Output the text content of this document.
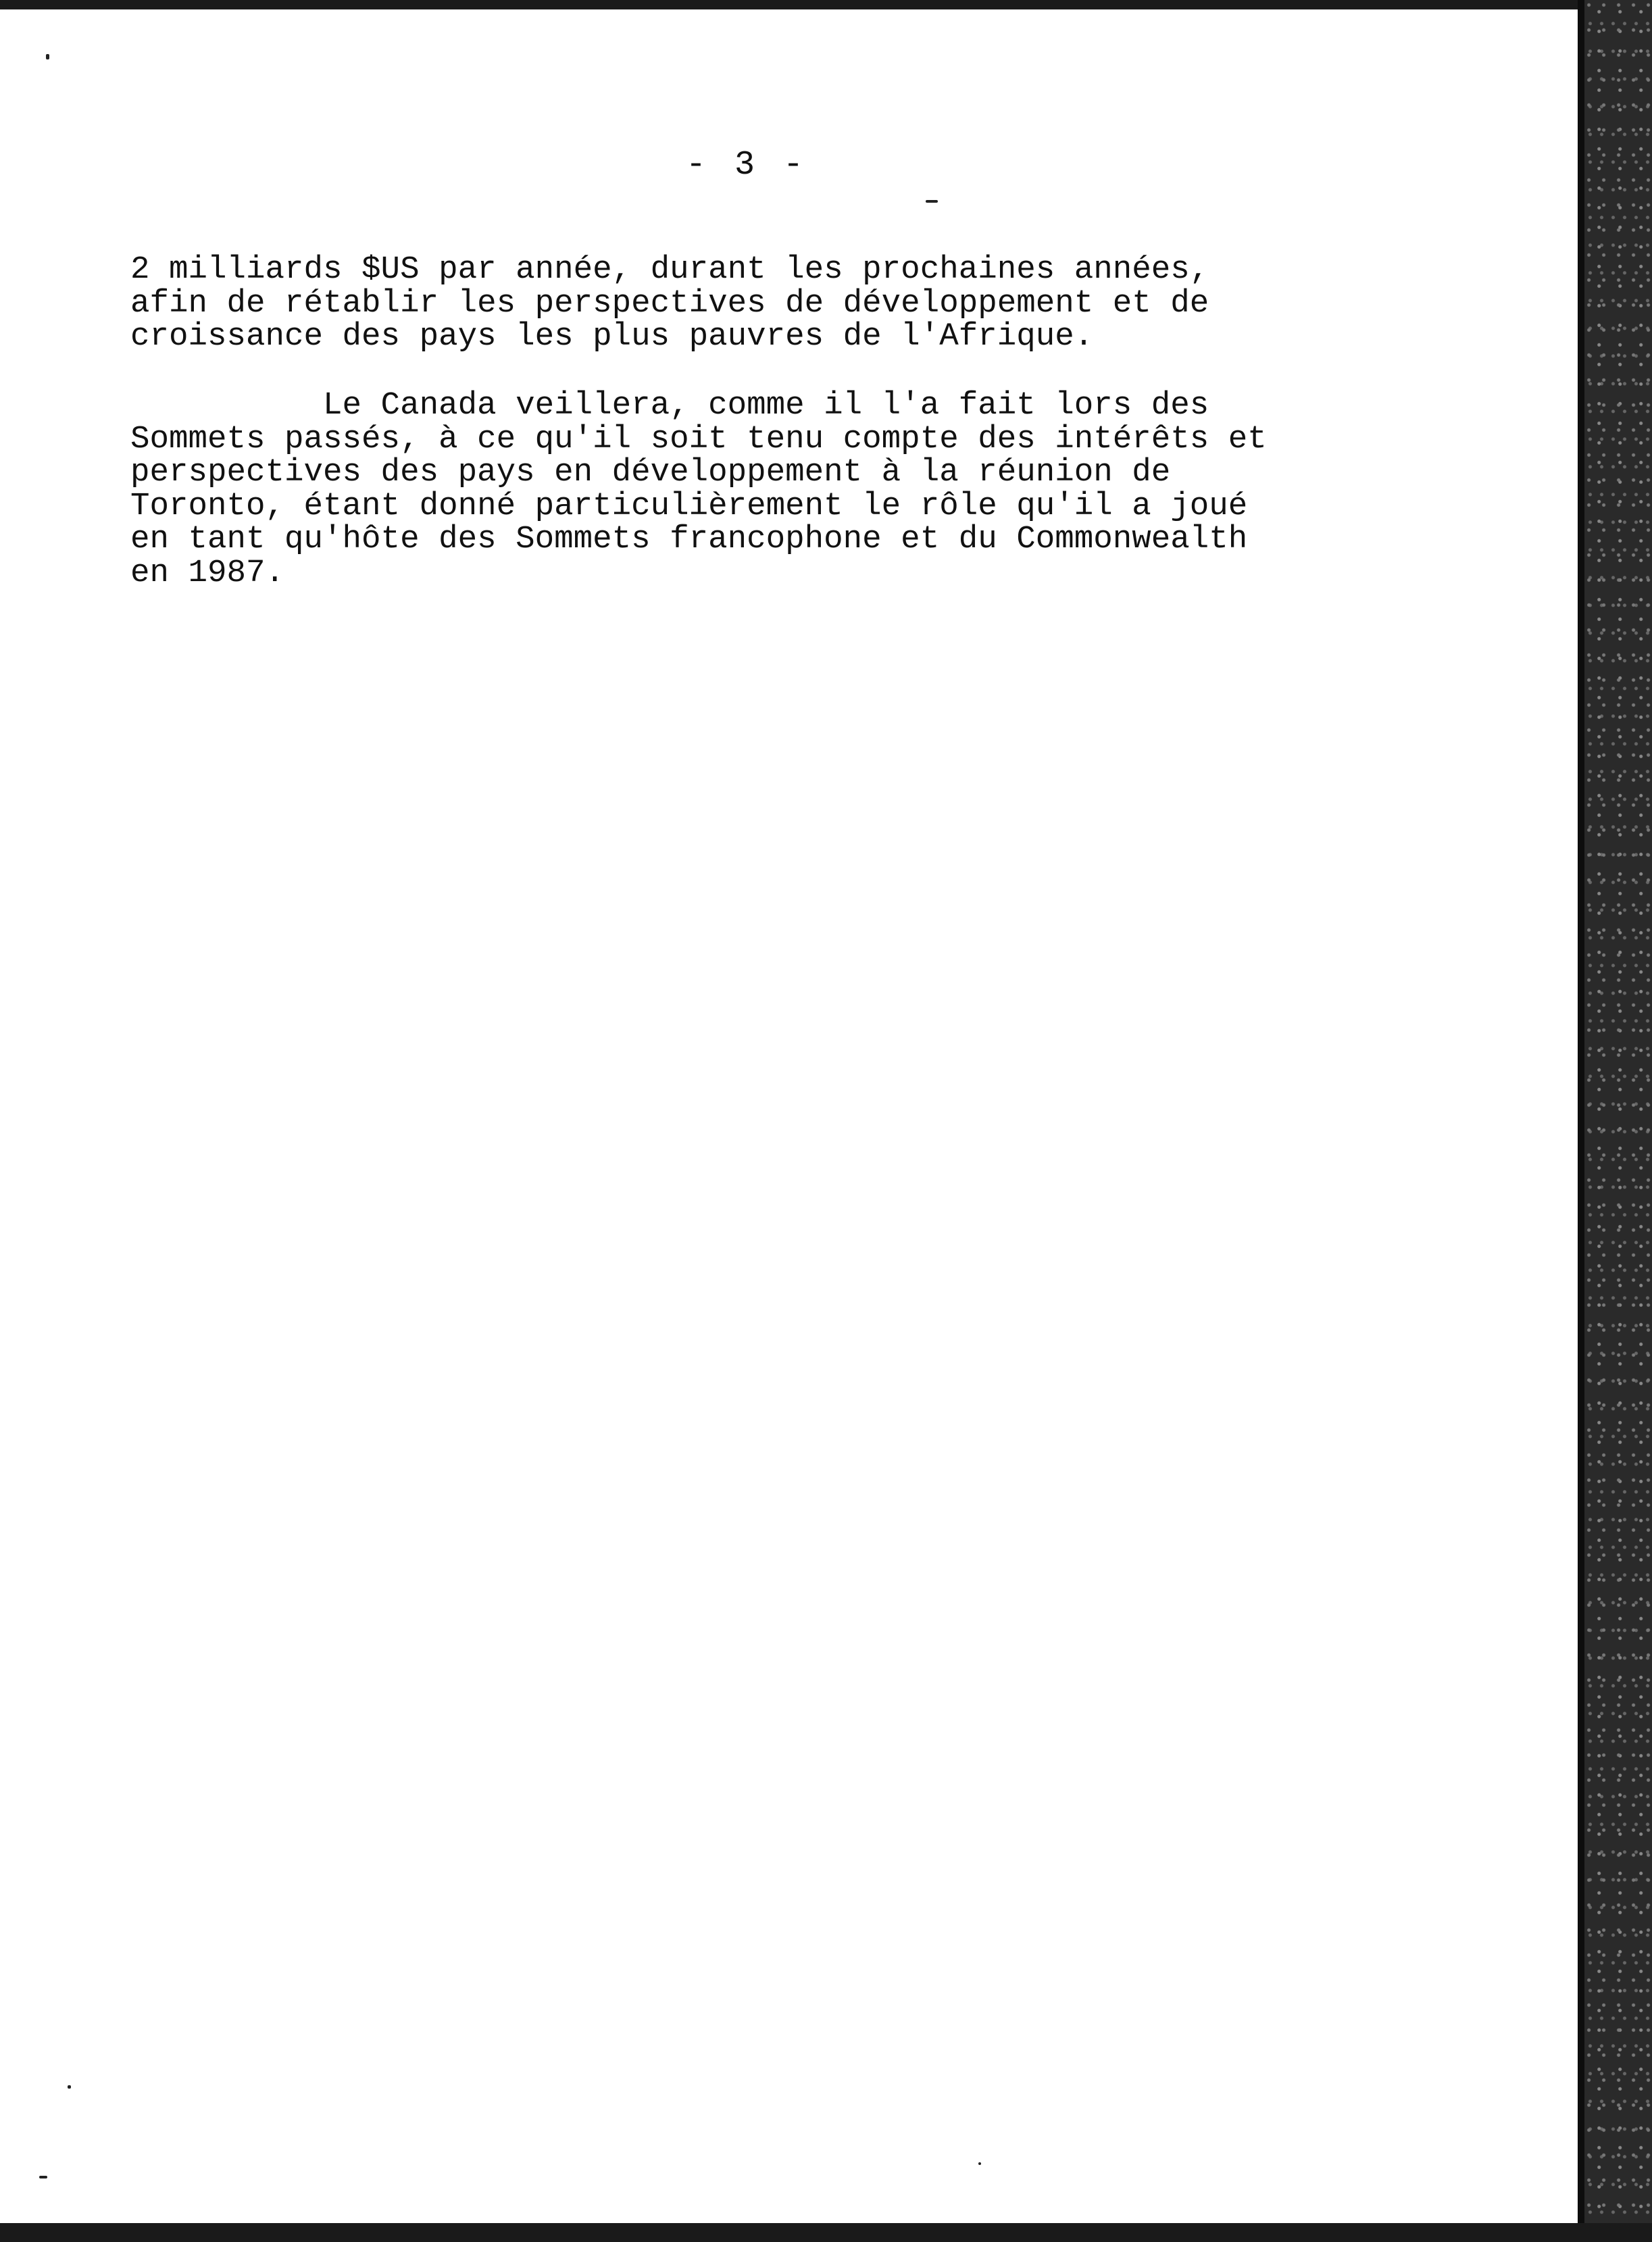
- 3 -
2 milliards $US par année, durant les prochaines années,
afin de rétablir les perspectives de développement et de
croissance des pays les plus pauvres de l'Afrique.
Le Canada veillera, comme il l'a fait lors des
Sommets passés, à ce qu'il soit tenu compte des intérêts et
perspectives des pays en développement à la réunion de
Toronto, étant donné particulièrement le rôle qu'il a joué
en tant qu'hôte des Sommets francophone et du Commonwealth
en 1987.
